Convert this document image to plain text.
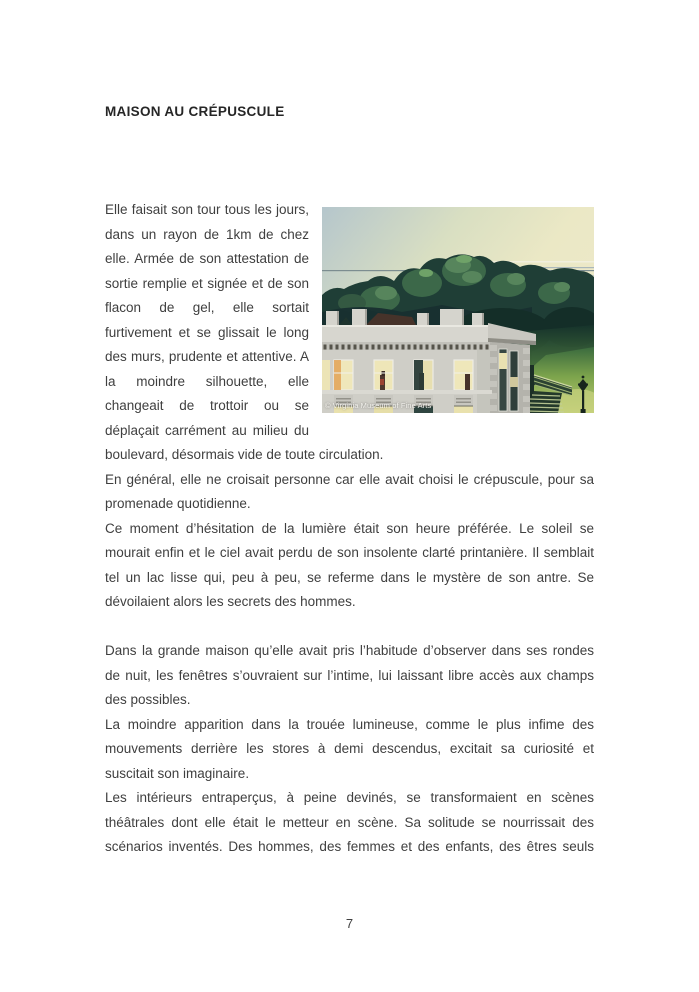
MAISON AU CRÉPUSCULE
© Virginia Museum of Fine Arts

Elle faisait son tour tous les jours, dans un rayon de 1km de chez elle. Armée de son attestation de sortie remplie et signée et de son flacon de gel, elle sortait furtivement et se glissait le long des murs, prudente et attentive. A la moindre silhouette, elle changeait de trottoir ou se déplaçait carrément au milieu du boulevard, désormais vide de toute circulation.

En général, elle ne croisait personne car elle avait choisi le crépuscule, pour sa promenade quotidienne.

Ce moment d’hésitation de la lumière était son heure préférée. Le soleil se mourait enfin et le ciel avait perdu de son insolente clarté printanière. Il semblait tel un lac lisse qui, peu à peu, se referme dans le mystère de son antre. Se dévoilaient alors les secrets des hommes.

Dans la grande maison qu’elle avait pris l’habitude d’observer dans ses rondes de nuit, les fenêtres s’ouvraient sur l’intime, lui laissant libre accès aux champs des possibles.

La moindre apparition dans la trouée lumineuse, comme le plus infime des mouvements derrière les stores à demi descendus, excitait sa curiosité et suscitait son imaginaire.

Les intérieurs entraperçus, à peine devinés, se transformaient en scènes théâtrales dont elle était le metteur en scène. Sa solitude se nourrissait des scénarios inventés. Des hommes, des femmes et des enfants, des êtres seuls

7
